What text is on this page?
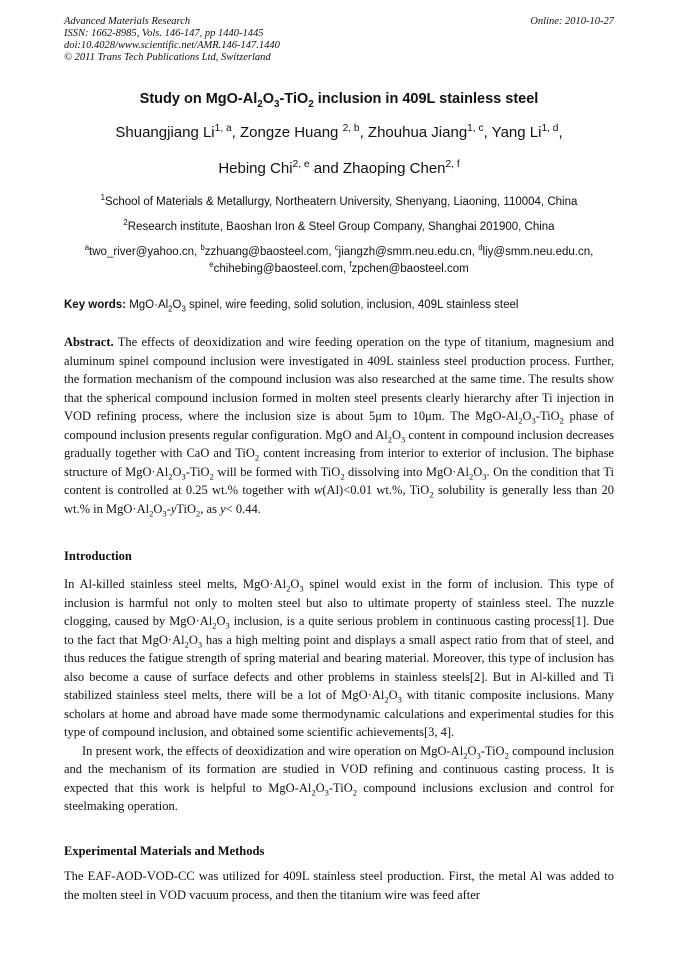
Advanced Materials Research
ISSN: 1662-8985, Vols. 146-147, pp 1440-1445
doi:10.4028/www.scientific.net/AMR.146-147.1440
© 2011 Trans Tech Publications Ltd, Switzerland
Online: 2010-10-27
Study on MgO-$Al_2O_3-TiO_2$ inclusion in 409L stainless steel
Shuangjiang Li$^{1, a}$, Zongze Huang $^{2, b}$, Zhouhua Jiang$^{1, c}$, Yang Li$^{1, d}$,
Hebing Chi$^{2, e}$ and Zhaoping Chen$^{2, f}$
$^1$School of Materials & Metallurgy, Northeatern University, Shenyang, Liaoning, 110004, China
$^2$Research institute, Baoshan Iron & Steel Group Company, Shanghai 201900, China
$^a$two_river@yahoo.cn, $^b$zzhuang@baosteel.com, $^c$jiangzh@smm.neu.edu.cn, $^d$liy@smm.neu.edu.cn,
$^e$chihebing@baosteel.com, $^f$zpchen@baosteel.com
Key words: $MgO\cdot Al_2O_3$ spinel, wire feeding, solid solution, inclusion, 409L stainless steel
Abstract. The effects of deoxidization and wire feeding operation on the type of titanium, magnesium and aluminum spinel compound inclusion were investigated in 409L stainless steel production process. Further, the formation mechanism of the compound inclusion was also researched at the same time. The results show that the spherical compound inclusion formed in molten steel presents clearly hierarchy after Ti injection in VOD refining process, where the inclusion size is about 5μm to 10μm. The MgO-$Al_2O_3-TiO_2$ phase of compound inclusion presents regular configuration. MgO and $Al_2O_3$ content in compound inclusion decreases gradually together with CaO and TiO$_2$ content increasing from interior to exterior of inclusion. The biphase structure of $MgO\cdot Al_2O_3-TiO_2$ will be formed with TiO$_2$ dissolving into $MgO\cdot Al_2O_3$. On the condition that Ti content is controlled at 0.25 wt.% together with w(Al)<0.01 wt.%, TiO$_2$ solubility is generally less than 20 wt.% in $MgO\cdot Al_2O_3-yTiO_2$, as y< 0.44.
Introduction
In Al-killed stainless steel melts, $MgO\cdot Al_2O_3$ spinel would exist in the form of inclusion. This type of inclusion is harmful not only to molten steel but also to ultimate property of stainless steel. The nuzzle clogging, caused by $MgO\cdot Al_2O_3$ inclusion, is a quite serious problem in continuous casting process[1]. Due to the fact that $MgO\cdot Al_2O_3$ has a high melting point and displays a small aspect ratio from that of steel, and thus reduces the fatigue strength of spring material and bearing material. Moreover, this type of inclusion has also become a cause of surface defects and other problems in stainless steels[2]. But in Al-killed and Ti stabilized stainless steel melts, there will be a lot of $MgO\cdot Al_2O_3$ with titanic composite inclusions. Many scholars at home and abroad have made some thermodynamic calculations and experimental studies for this type of compound inclusion, and obtained some scientific achievements[3, 4].
In present work, the effects of deoxidization and wire operation on MgO-$Al_2O_3-TiO_2$ compound inclusion and the mechanism of its formation are studied in VOD refining and continuous casting process. It is expected that this work is helpful to MgO-$Al_2O_3-TiO_2$ compound inclusions exclusion and control for steelmaking operation.
Experimental Materials and Methods
The EAF-AOD-VOD-CC was utilized for 409L stainless steel production. First, the metal Al was added to the molten steel in VOD vacuum process, and then the titanium wire was feed after
